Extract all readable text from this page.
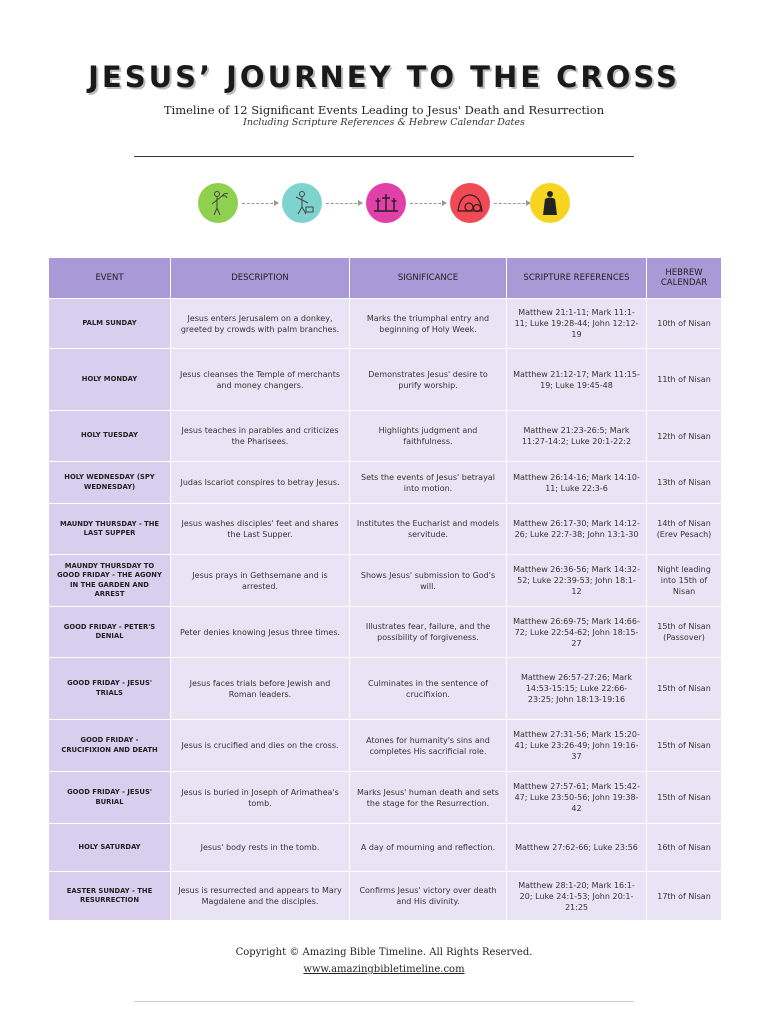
JESUS’ JOURNEY TO THE CROSS
Timeline of 12 Significant Events Leading to Jesus' Death and Resurrection
Including Scripture References & Hebrew Calendar Dates
EVENT	DESCRIPTION	SIGNIFICANCE	SCRIPTURE REFERENCES	HEBREW CALENDAR
PALM SUNDAY	Jesus enters Jerusalem on a donkey, greeted by crowds with palm branches.	Marks the triumphal entry and beginning of Holy Week.	Matthew 21:1-11; Mark 11:1-11; Luke 19:28-44; John 12:12-19	10th of Nisan
HOLY MONDAY	Jesus cleanses the Temple of merchants and money changers.	Demonstrates Jesus' desire to purify worship.	Matthew 21:12-17; Mark 11:15-19; Luke 19:45-48	11th of Nisan
HOLY TUESDAY	Jesus teaches in parables and criticizes the Pharisees.	Highlights judgment and faithfulness.	Matthew 21:23-26:5; Mark 11:27-14:2; Luke 20:1-22:2	12th of Nisan
HOLY WEDNESDAY (SPY WEDNESDAY)	Judas Iscariot conspires to betray Jesus.	Sets the events of Jesus' betrayal into motion.	Matthew 26:14-16; Mark 14:10-11; Luke 22:3-6	13th of Nisan
MAUNDY THURSDAY - THE LAST SUPPER	Jesus washes disciples' feet and shares the Last Supper.	Institutes the Eucharist and models servitude.	Matthew 26:17-30; Mark 14:12-26; Luke 22:7-38; John 13:1-30	14th of Nisan (Erev Pesach)
MAUNDY THURSDAY TO GOOD FRIDAY - THE AGONY IN THE GARDEN AND ARREST	Jesus prays in Gethsemane and is arrested.	Shows Jesus' submission to God's will.	Matthew 26:36-56; Mark 14:32-52; Luke 22:39-53; John 18:1-12	Night leading into 15th of Nisan
GOOD FRIDAY - PETER'S DENIAL	Peter denies knowing Jesus three times.	Illustrates fear, failure, and the possibility of forgiveness.	Matthew 26:69-75; Mark 14:66-72; Luke 22:54-62; John 18:15-27	15th of Nisan (Passover)
GOOD FRIDAY - JESUS' TRIALS	Jesus faces trials before Jewish and Roman leaders.	Culminates in the sentence of crucifixion.	Matthew 26:57-27:26; Mark 14:53-15:15; Luke 22:66-23:25; John 18:13-19:16	15th of Nisan
GOOD FRIDAY - CRUCIFIXION AND DEATH	Jesus is crucified and dies on the cross.	Atones for humanity's sins and completes His sacrificial role.	Matthew 27:31-56; Mark 15:20-41; Luke 23:26-49; John 19:16-37	15th of Nisan
GOOD FRIDAY - JESUS' BURIAL	Jesus is buried in Joseph of Arimathea's tomb.	Marks Jesus' human death and sets the stage for the Resurrection.	Matthew 27:57-61; Mark 15:42-47; Luke 23:50-56; John 19:38-42	15th of Nisan
HOLY SATURDAY	Jesus' body rests in the tomb.	A day of mourning and reflection.	Matthew 27:62-66; Luke 23:56	16th of Nisan
EASTER SUNDAY - THE RESURRECTION	Jesus is resurrected and appears to Mary Magdalene and the disciples.	Confirms Jesus' victory over death and His divinity.	Matthew 28:1-20; Mark 16:1-20; Luke 24:1-53; John 20:1-21:25	17th of Nisan
Copyright © Amazing Bible Timeline. All Rights Reserved.
www.amazingbibletimeline.com
